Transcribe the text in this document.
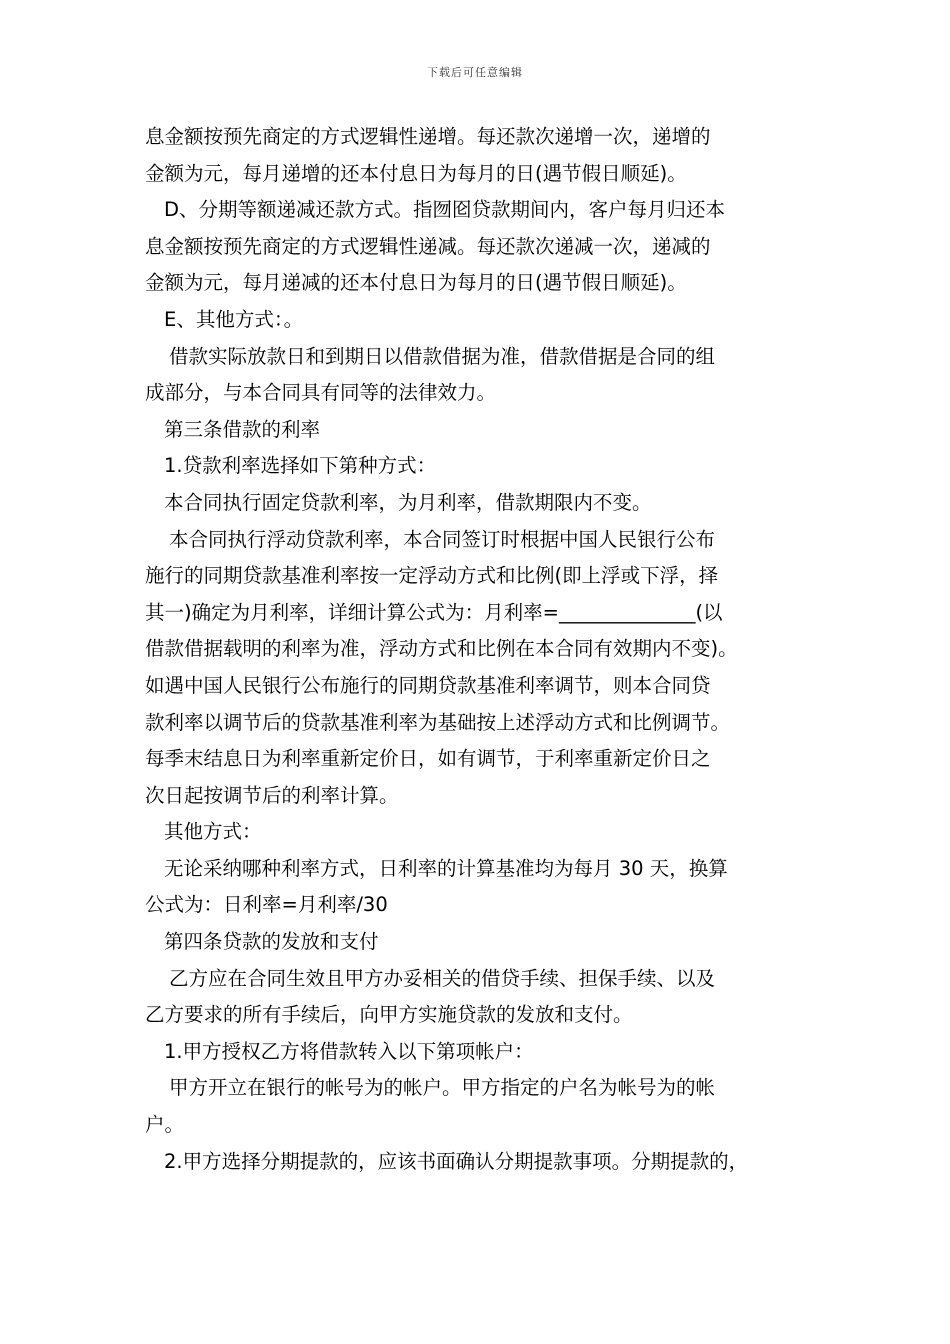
下载后可任意编辑
息金额按预先商定的方式逻辑性递增。每还款次递增一次，递增的
金额为元，每月递增的还本付息日为每月的日(遇节假日顺延)。
D、分期等额递减还款方式。指囫囵贷款期间内，客户每月归还本
息金额按预先商定的方式逻辑性递减。每还款次递减一次，递减的
金额为元，每月递减的还本付息日为每月的日(遇节假日顺延)。
E、其他方式：。
借款实际放款日和到期日以借款借据为准，借款借据是合同的组
成部分，与本合同具有同等的法律效力。
第三条借款的利率
1.贷款利率选择如下第种方式：
本合同执行固定贷款利率，为月利率，借款期限内不变。
本合同执行浮动贷款利率，本合同签订时根据中国人民银行公布
施行的同期贷款基准利率按一定浮动方式和比例(即上浮或下浮，择
其一)确定为月利率，详细计算公式为：月利率=______________(以
借款借据载明的利率为准，浮动方式和比例在本合同有效期内不变)。
如遇中国人民银行公布施行的同期贷款基准利率调节，则本合同贷
款利率以调节后的贷款基准利率为基础按上述浮动方式和比例调节。
每季末结息日为利率重新定价日，如有调节，于利率重新定价日之
次日起按调节后的利率计算。
其他方式：
无论采纳哪种利率方式，日利率的计算基准均为每月 30 天，换算
公式为：日利率=月利率/30
第四条贷款的发放和支付
乙方应在合同生效且甲方办妥相关的借贷手续、担保手续、以及
乙方要求的所有手续后，向甲方实施贷款的发放和支付。
1.甲方授权乙方将借款转入以下第项帐户：
甲方开立在银行的帐号为的帐户。甲方指定的户名为帐号为的帐
户。
2.甲方选择分期提款的，应该书面确认分期提款事项。分期提款的，
